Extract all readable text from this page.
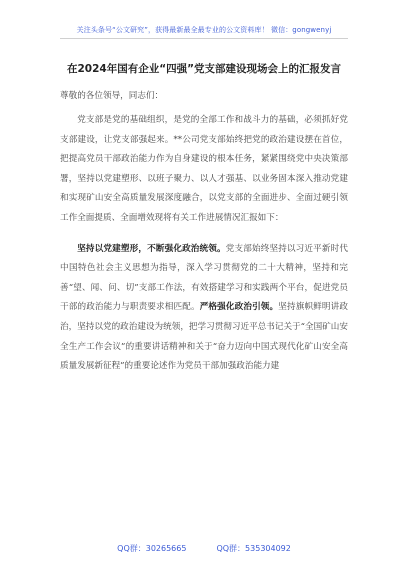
关注头条号“公文研究”，获得最新最全最专业的公文资料库！ 微信：gongwenyj
在2024年国有企业“四强”党支部建设现场会上的汇报发言

尊敬的各位领导，同志们：

党支部是党的基础组织，是党的全部工作和战斗力的基础，必须抓好党支部建设，让党支部强起来。**公司党支部始终把党的政治建设摆在首位，把提高党员干部政治能力作为自身建设的根本任务，紧紧围绕党中央决策部署，坚持以党建塑形、以班子聚力、以人才强基、以业务固本深入推动党建和实现矿山安全高质量发展深度融合，以党支部的全面进步、全面过硬引领工作全面提质、全面增效现将有关工作进展情况汇报如下：

坚持以党建塑形，不断强化政治统领。党支部始终坚持以习近平新时代中国特色社会主义思想为指导，深入学习贯彻党的二十大精神，坚持和完善“望、闻、问、切”支部工作法，有效搭建学习和实践两个平台，促进党员干部的政治能力与职责要求相匹配。严格强化政治引领。坚持旗帜鲜明讲政治，坚持以党的政治建设为统领，把学习贯彻习近平总书记关于“全国矿山安全生产工作会议”的重要讲话精神和关于“奋力迈向中国式现代化矿山安全高质量发展新征程”的重要论述作为党员干部加强政治能力建

QQ群：30265665	QQ群：535304092
